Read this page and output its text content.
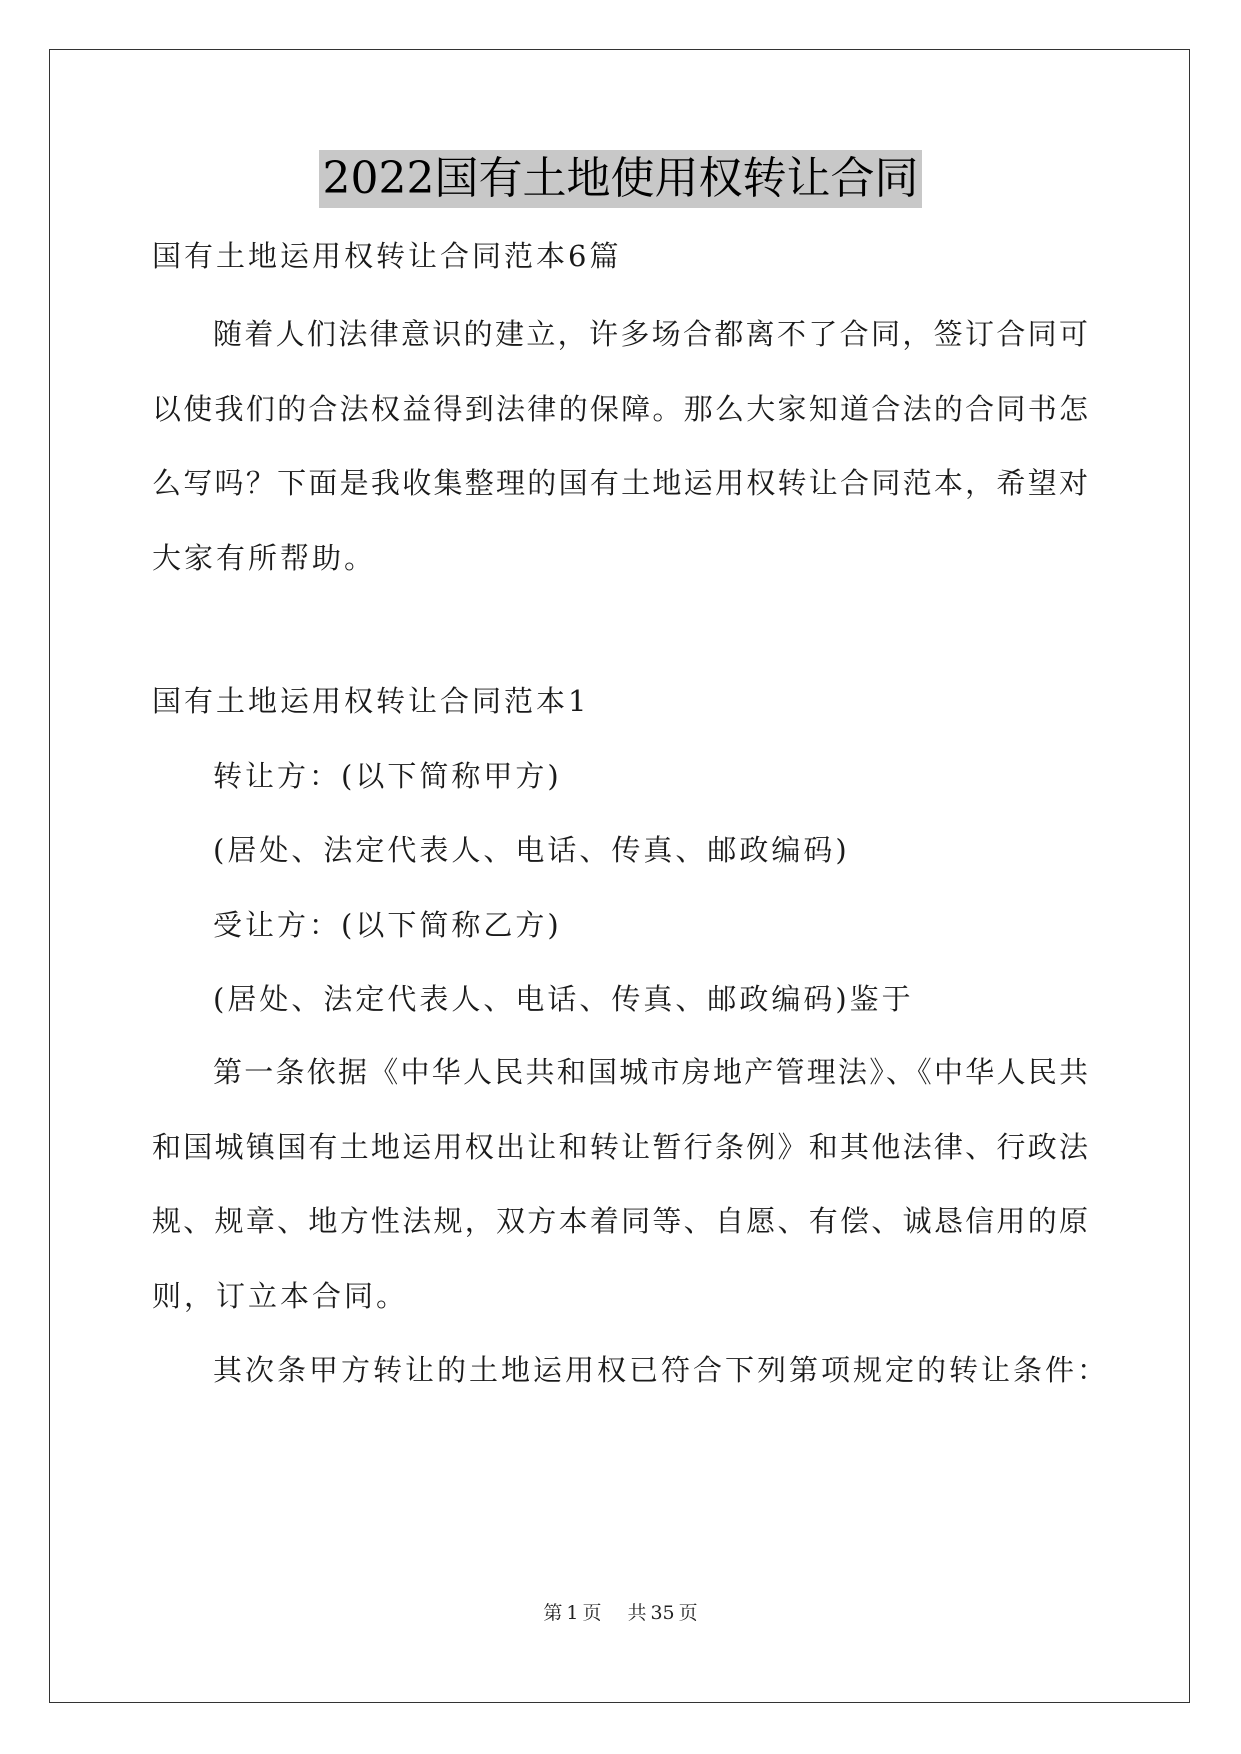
2022国有土地使用权转让合同
国有土地运用权转让合同范本6篇
随着人们法律意识的建立，许多场合都离不了合同，签订合同可
以使我们的合法权益得到法律的保障。那么大家知道合法的合同书怎
么写吗？下面是我收集整理的国有土地运用权转让合同范本，希望对
大家有所帮助。
国有土地运用权转让合同范本1
转让方：(以下简称甲方)
(居处、法定代表人、电话、传真、邮政编码)
受让方：(以下简称乙方)
(居处、法定代表人、电话、传真、邮政编码)鉴于
第一条依据《中华人民共和国城市房地产管理法》、《中华人民共
和国城镇国有土地运用权出让和转让暂行条例》和其他法律、行政法
规、规章、地方性法规，双方本着同等、自愿、有偿、诚恳信用的原
则，订立本合同。
其次条甲方转让的土地运用权已符合下列第项规定的转让条件：
第 1 页 共 35 页
